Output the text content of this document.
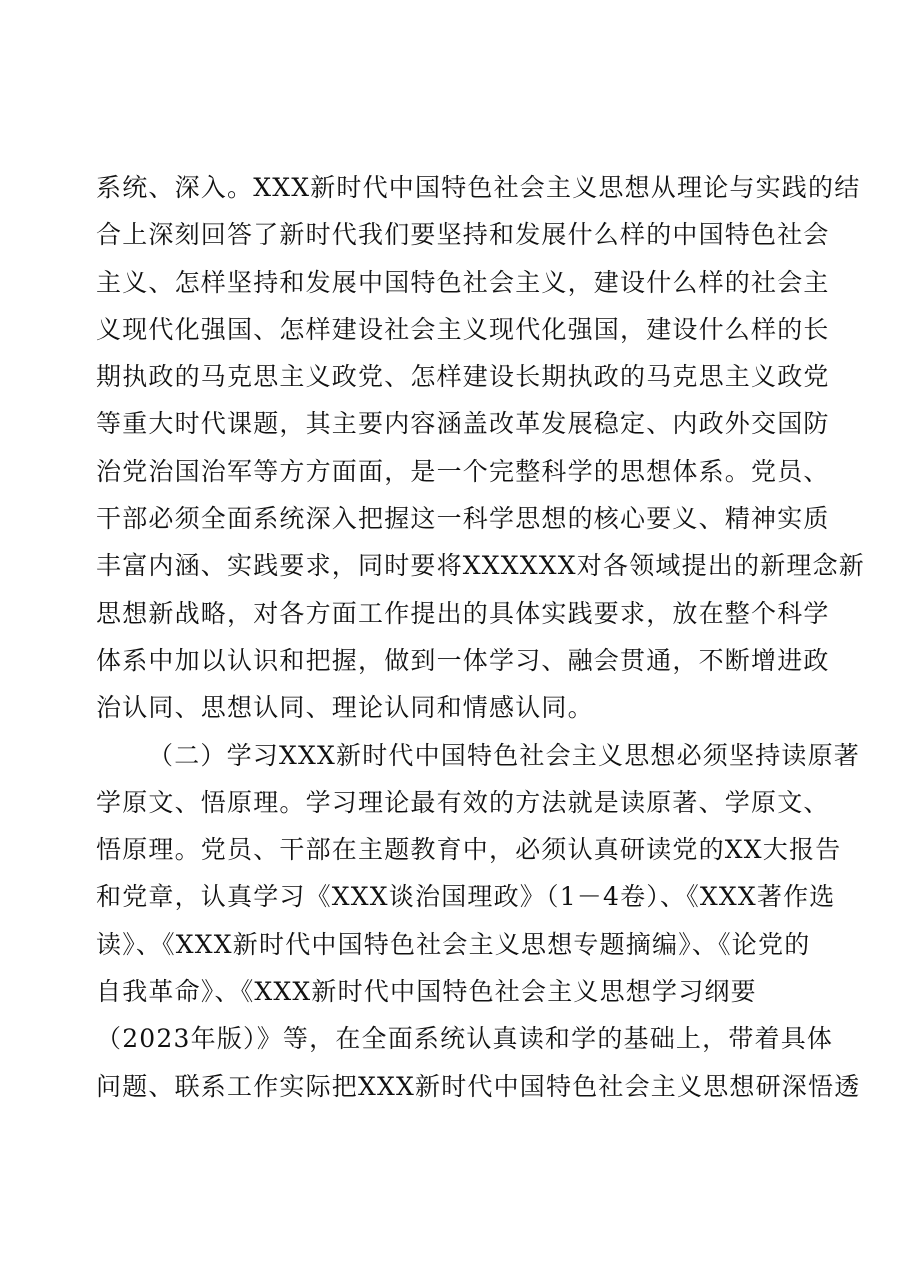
系统、深入。XXX新时代中国特色社会主义思想从理论与实践的结
合上深刻回答了新时代我们要坚持和发展什么样的中国特色社会
主义、怎样坚持和发展中国特色社会主义，建设什么样的社会主
义现代化强国、怎样建设社会主义现代化强国，建设什么样的长
期执政的马克思主义政党、怎样建设长期执政的马克思主义政党
等重大时代课题，其主要内容涵盖改革发展稳定、内政外交国防
治党治国治军等方方面面，是一个完整科学的思想体系。党员、
干部必须全面系统深入把握这一科学思想的核心要义、精神实质
丰富内涵、实践要求，同时要将XXXXXX对各领域提出的新理念新
思想新战略，对各方面工作提出的具体实践要求，放在整个科学
体系中加以认识和把握，做到一体学习、融会贯通，不断增进政
治认同、思想认同、理论认同和情感认同。
（二）学习XXX新时代中国特色社会主义思想必须坚持读原著
学原文、悟原理。学习理论最有效的方法就是读原著、学原文、
悟原理。党员、干部在主题教育中，必须认真研读党的XX大报告
和党章，认真学习《XXX谈治国理政》（1－4卷）、《XXX著作选
读》、《XXX新时代中国特色社会主义思想专题摘编》、《论党的
自我革命》、《XXX新时代中国特色社会主义思想学习纲要
（2023年版）》等，在全面系统认真读和学的基础上，带着具体
问题、联系工作实际把XXX新时代中国特色社会主义思想研深悟透
